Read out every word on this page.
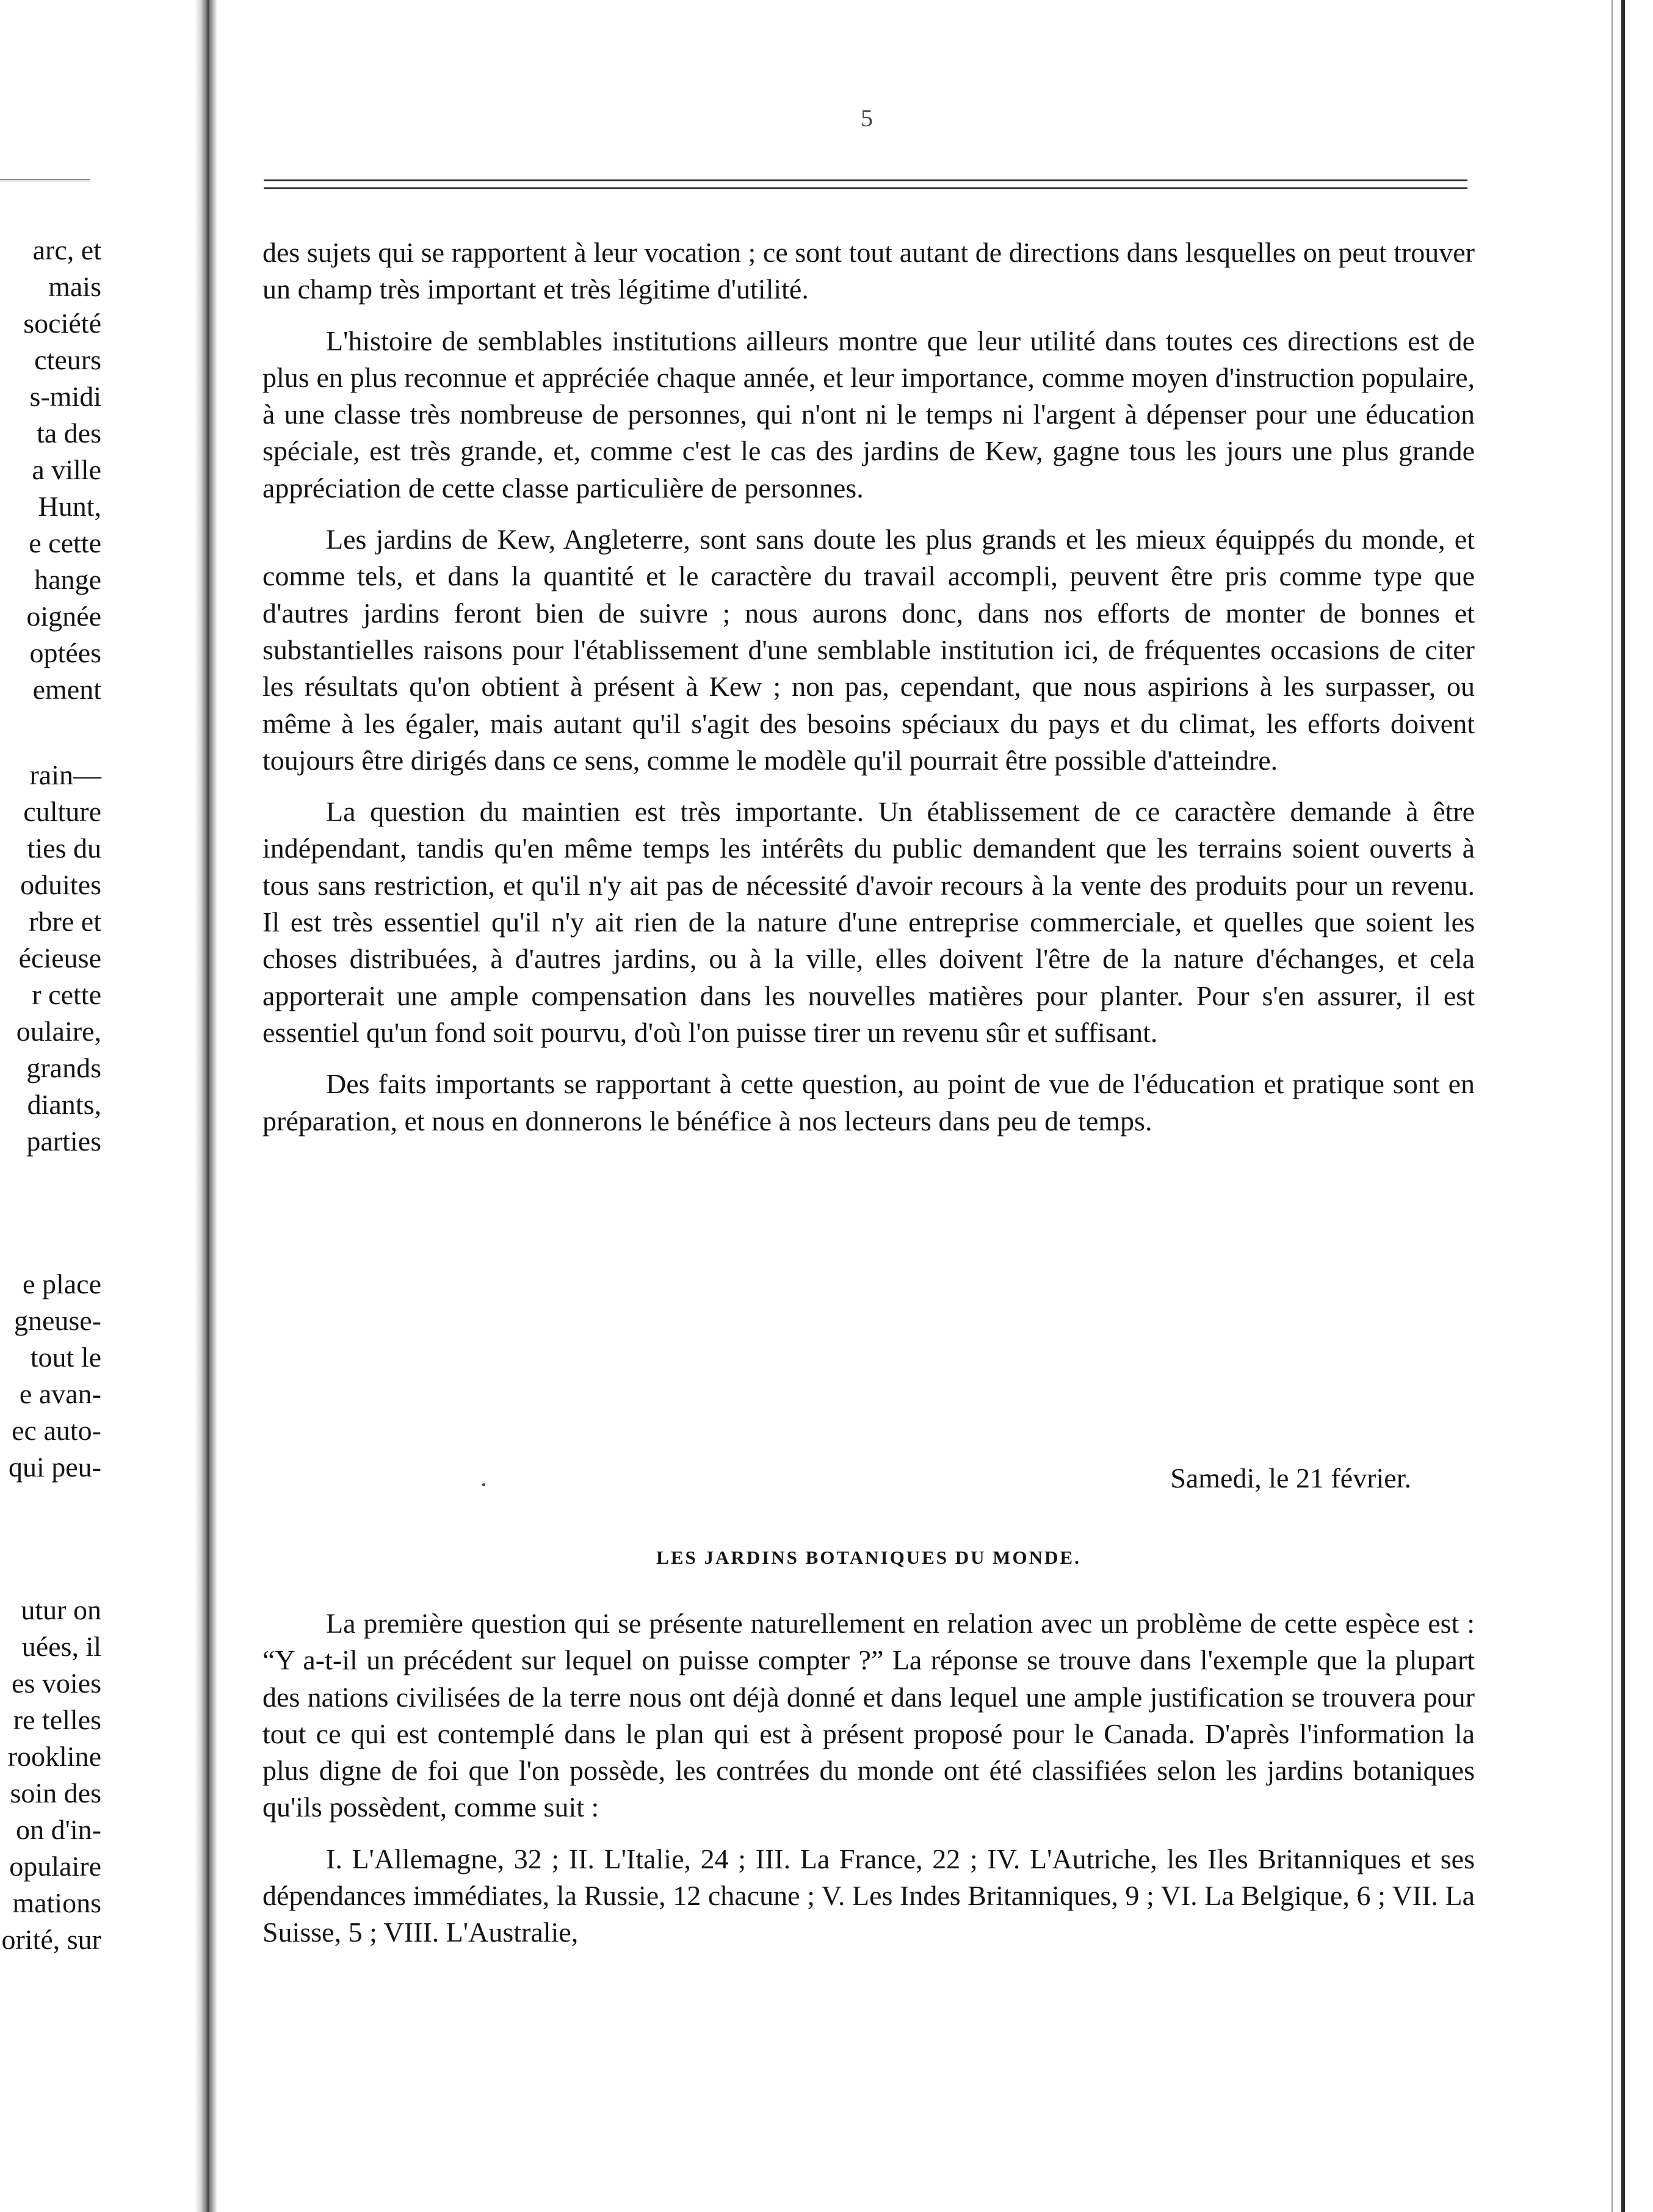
arc, et
mais
société
cteurs
s-midi
ta des
a ville
Hunt,
e cette
hange
oignée
optées
ement
rain—
culture
ties du
oduites
rbre et
écieuse
r cette
oulaire,
grands
diants,
parties
e place
gneuse-
tout le
e avan-
ec auto-
qui peu-
utur on
uées, il
es voies
re telles
rookline
soin des
on d'in-
opulaire
mations
orité, sur
5

des sujets qui se rapportent à leur vocation ; ce sont tout autant de directions dans lesquelles on peut trouver un champ très important et très légitime d'utilité.

L'histoire de semblables institutions ailleurs montre que leur utilité dans toutes ces directions est de plus en plus reconnue et appréciée chaque année, et leur importance, comme moyen d'instruction populaire, à une classe très nombreuse de personnes, qui n'ont ni le temps ni l'argent à dépenser pour une éducation spéciale, est très grande, et, comme c'est le cas des jardins de Kew, gagne tous les jours une plus grande appréciation de cette classe particulière de personnes.

Les jardins de Kew, Angleterre, sont sans doute les plus grands et les mieux équippés du monde, et comme tels, et dans la quantité et le caractère du travail accompli, peuvent être pris comme type que d'autres jardins feront bien de suivre ; nous aurons donc, dans nos efforts de monter de bonnes et substantielles raisons pour l'établissement d'une semblable institution ici, de fréquentes occasions de citer les résultats qu'on obtient à présent à Kew ; non pas, cependant, que nous aspirions à les surpasser, ou même à les égaler, mais autant qu'il s'agit des besoins spéciaux du pays et du climat, les efforts doivent toujours être dirigés dans ce sens, comme le modèle qu'il pourrait être possible d'atteindre.

La question du maintien est très importante. Un établissement de ce caractère demande à être indépendant, tandis qu'en même temps les intérêts du public demandent que les terrains soient ouverts à tous sans restriction, et qu'il n'y ait pas de nécessité d'avoir recours à la vente des produits pour un revenu. Il est très essentiel qu'il n'y ait rien de la nature d'une entreprise commerciale, et quelles que soient les choses distribuées, à d'autres jardins, ou à la ville, elles doivent l'être de la nature d'échanges, et cela apporterait une ample compensation dans les nouvelles matières pour planter. Pour s'en assurer, il est essentiel qu'un fond soit pourvu, d'où l'on puisse tirer un revenu sûr et suffisant.

Des faits importants se rapportant à cette question, au point de vue de l'éducation et pratique sont en préparation, et nous en donnerons le bénéfice à nos lecteurs dans peu de temps.

Samedi, le 21 février.
LES JARDINS BOTANIQUES DU MONDE.

La première question qui se présente naturellement en relation avec un problème de cette espèce est : “Y a-t-il un précédent sur lequel on puisse compter ?” La réponse se trouve dans l'exemple que la plupart des nations civilisées de la terre nous ont déjà donné et dans lequel une ample justification se trouvera pour tout ce qui est contemplé dans le plan qui est à présent proposé pour le Canada. D'après l'information la plus digne de foi que l'on possède, les contrées du monde ont été classifiées selon les jardins botaniques qu'ils possèdent, comme suit :

I. L'Allemagne, 32 ; II. L'Italie, 24 ; III. La France, 22 ; IV. L'Autriche, les Iles Britanniques et ses dépendances immédiates, la Russie, 12 chacune ; V. Les Indes Britanniques, 9 ; VI. La Belgique, 6 ; VII. La Suisse, 5 ; VIII. L'Australie,
